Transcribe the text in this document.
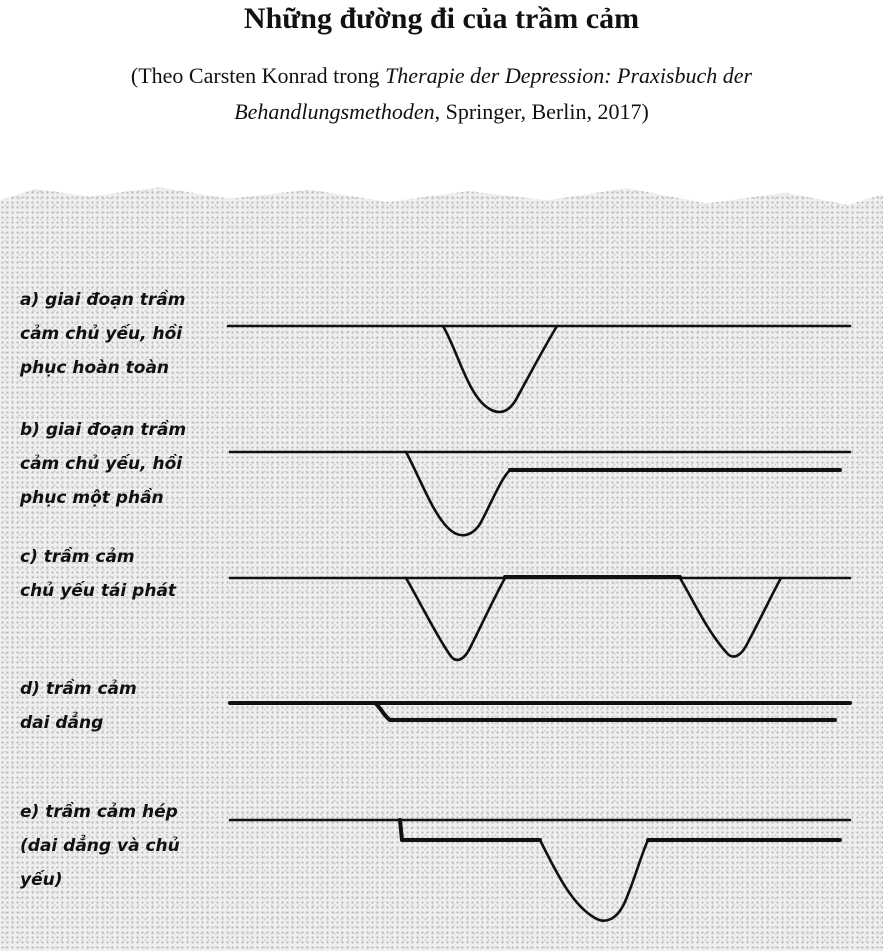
Những đường đi của trầm cảm

(Theo Carsten Konrad trong Therapie der Depression: Praxisbuch der Behandlungsmethoden, Springer, Berlin, 2017)

a) giai đoạn trầm
cảm chủ yếu, hồi
phục hoàn toàn
b) giai đoạn trầm
cảm chủ yếu, hồi
phục một phần
c) trầm cảm
chủ yếu tái phát
d) trầm cảm
dai dẳng
e) trầm cảm hép
(dai dẳng và chủ
yếu)
